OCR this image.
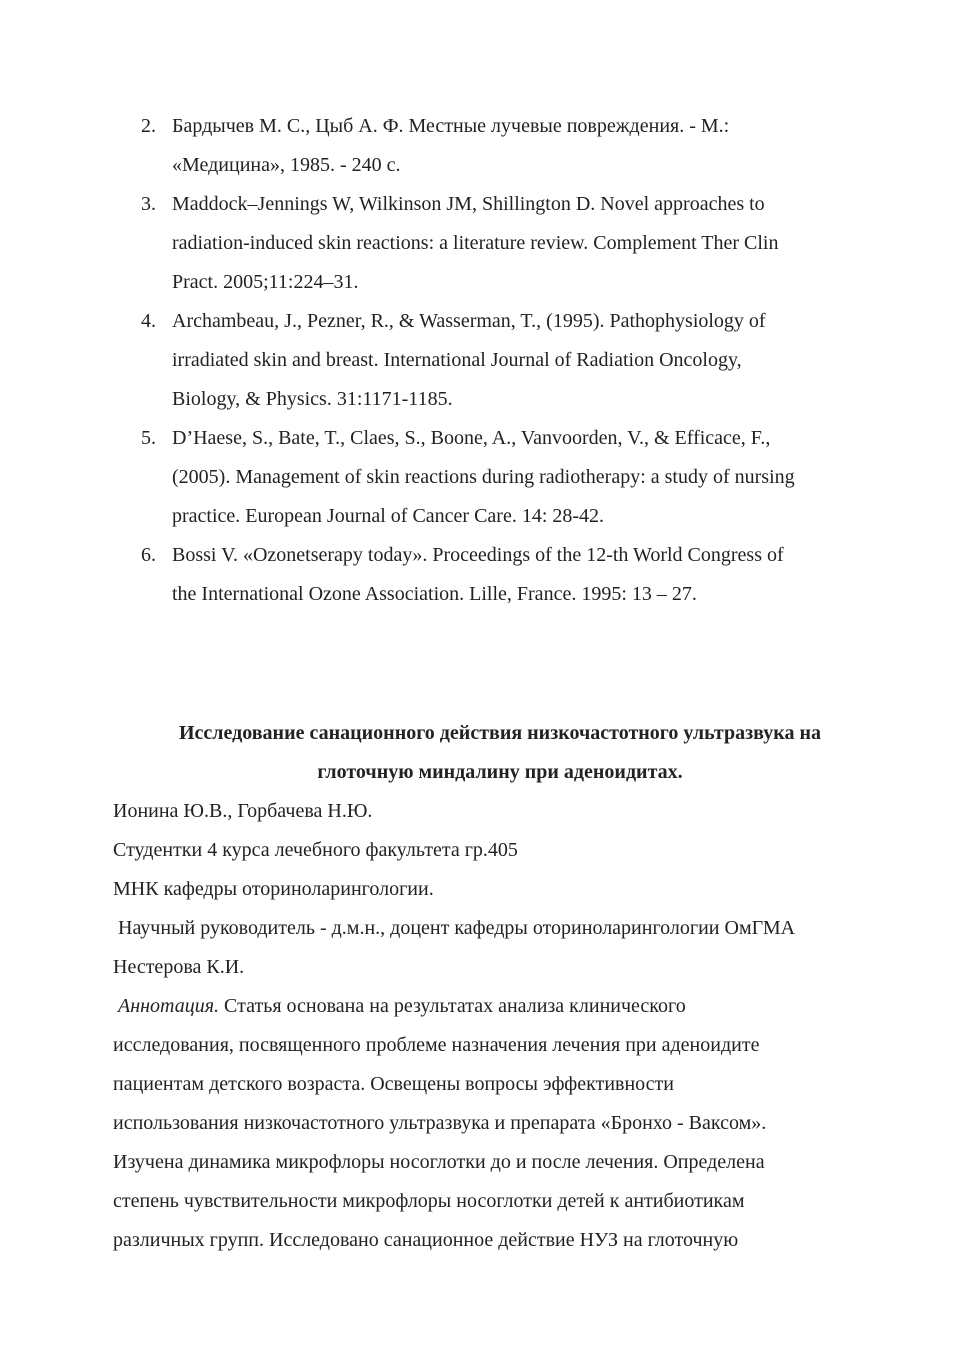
2. Бардычев М. С., Цыб А. Ф. Местные лучевые повреждения. - М.:
«Медицина», 1985. - 240 с.
3. Maddock–Jennings W, Wilkinson JM, Shillington D. Novel approaches to
radiation-induced skin reactions: a literature review. Complement Ther Clin
Pract. 2005;11:224–31.
4. Archambeau, J., Pezner, R., & Wasserman, T., (1995). Pathophysiology of
irradiated skin and breast. International Journal of Radiation Oncology,
Biology, & Physics. 31:1171-1185.
5. D’Haese, S., Bate, T., Claes, S., Boone, A., Vanvoorden, V., & Efficace, F.,
(2005). Management of skin reactions during radiotherapy: a study of nursing
practice. European Journal of Cancer Care. 14: 28-42.
6. Bossi V. «Ozonetserapy today». Proceedings of the 12-th World Congress of
the International Ozone Association. Lille, France. 1995: 13 – 27.
Исследование санационного действия низкочастотного ультразвука на
глоточную миндалину при аденоидитах.
Ионина Ю.В., Горбачева Н.Ю.
Студентки 4 курса лечебного факультета гр.405
МНК кафедры оториноларингологии.
Научный руководитель - д.м.н., доцент кафедры оториноларингологии ОмГМА
Нестерова К.И.
Аннотация. Статья основана на результатах анализа клинического
исследования, посвященного проблеме назначения лечения при аденоидите
пациентам детского возраста. Освещены вопросы эффективности
использования низкочастотного ультразвука и препарата «Бронхо - Ваксом».
Изучена динамика микрофлоры носоглотки до и после лечения. Определена
степень чувствительности микрофлоры носоглотки детей к антибиотикам
различных групп. Исследовано санационное действие НУЗ на глоточную
